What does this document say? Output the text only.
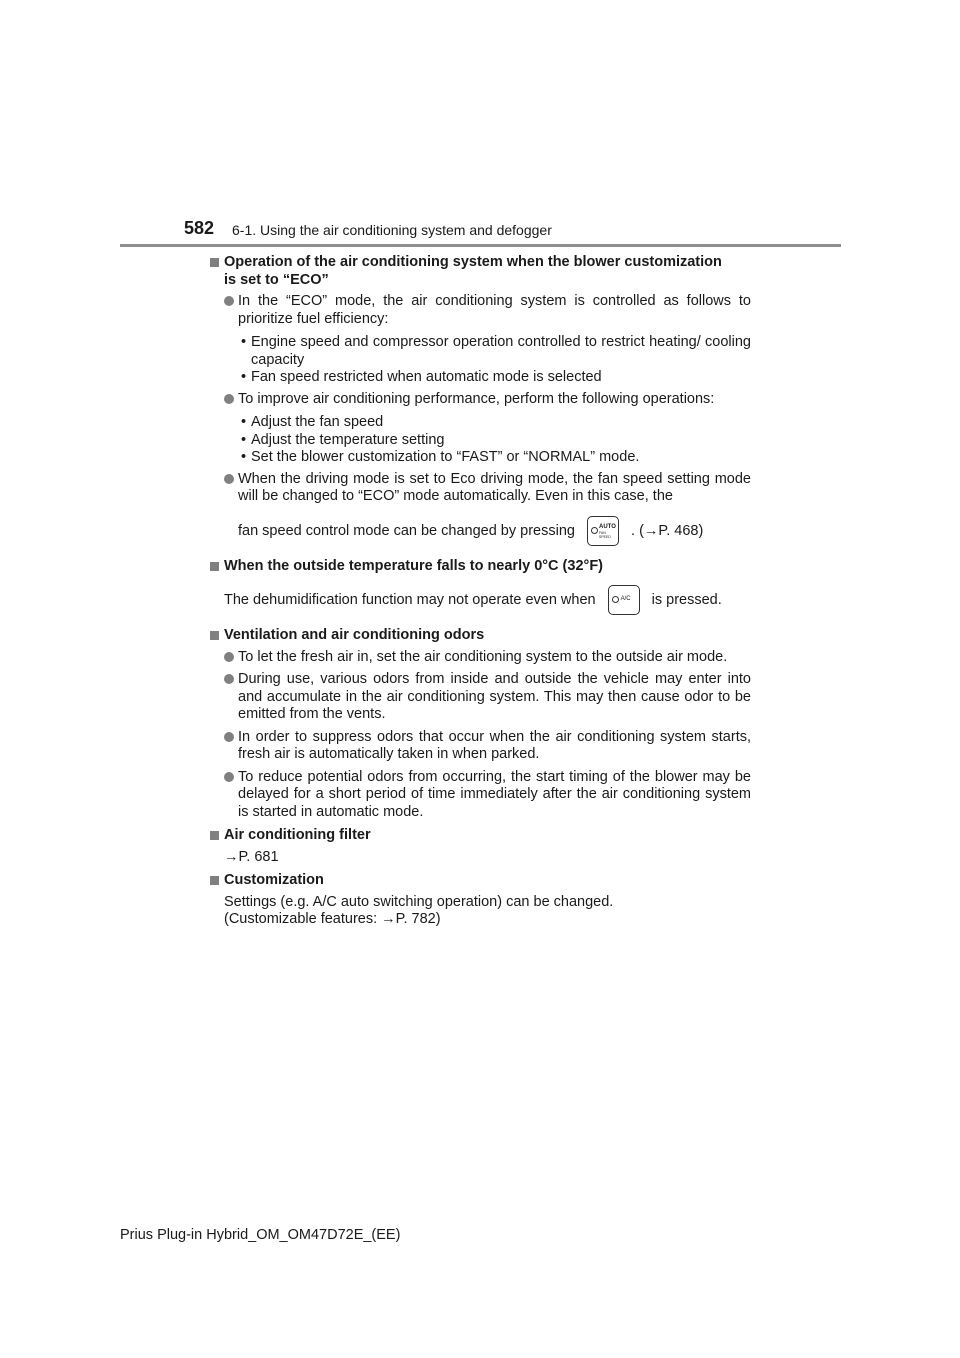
582 6-1. Using the air conditioning system and defogger
Operation of the air conditioning system when the blower customization
is set to “ECO”
In the “ECO” mode, the air conditioning system is controlled as follows to prioritize fuel efficiency:
• Engine speed and compressor operation controlled to restrict heating/ cooling capacity
• Fan speed restricted when automatic mode is selected
To improve air conditioning performance, perform the following operations:
• Adjust the fan speed
• Adjust the temperature setting
• Set the blower customization to “FAST” or “NORMAL” mode.
When the driving mode is set to Eco driving mode, the fan speed setting mode will be changed to “ECO” mode automatically. Even in this case, the
fan speed control mode can be changed by pressing	AUTO
FAN SPEED	. (→P. 468)
When the outside temperature falls to nearly 0°C (32°F)
The dehumidification function may not operate even when	A/C is pressed.
Ventilation and air conditioning odors
To let the fresh air in, set the air conditioning system to the outside air mode.
During use, various odors from inside and outside the vehicle may enter into and accumulate in the air conditioning system. This may then cause odor to be emitted from the vents.
In order to suppress odors that occur when the air conditioning system starts, fresh air is automatically taken in when parked.
To reduce potential odors from occurring, the start timing of the blower may be delayed for a short period of time immediately after the air conditioning system is started in automatic mode.
Air conditioning filter
→P. 681
Customization
Settings (e.g. A/C auto switching operation) can be changed.
(Customizable features: →P. 782)
Prius Plug-in Hybrid_OM_OM47D72E_(EE)
